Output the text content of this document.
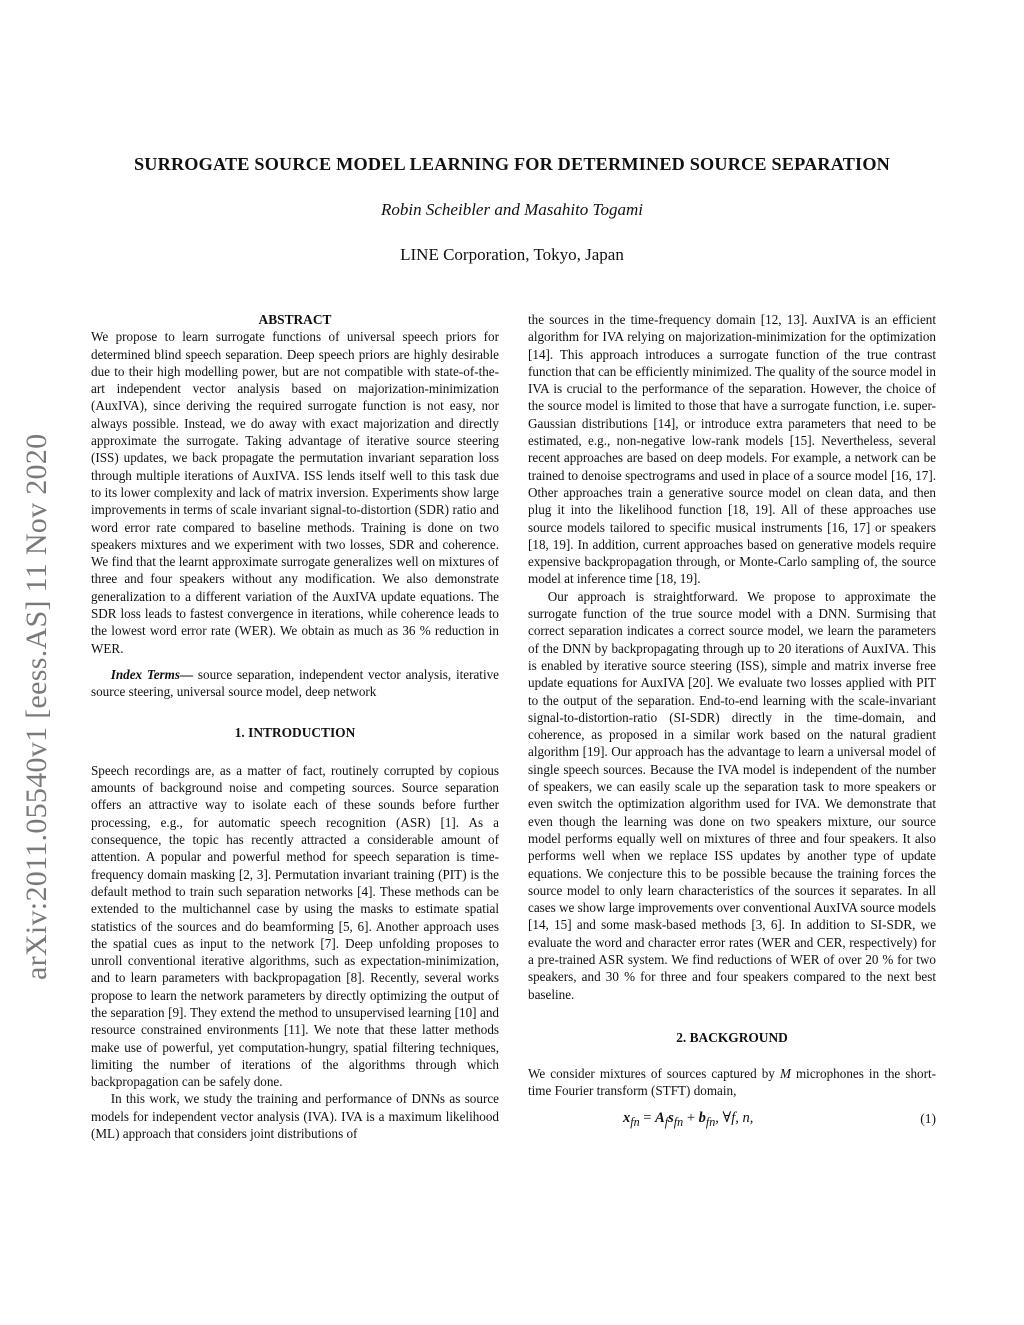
arXiv:2011.05540v1 [eess.AS] 11 Nov 2020
SURROGATE SOURCE MODEL LEARNING FOR DETERMINED SOURCE SEPARATION
Robin Scheibler and Masahito Togami
LINE Corporation, Tokyo, Japan
ABSTRACT

We propose to learn surrogate functions of universal speech priors for determined blind speech separation. Deep speech priors are highly desirable due to their high modelling power, but are not compatible with state-of-the-art independent vector analysis based on majorization-minimization (AuxIVA), since deriving the required surrogate function is not easy, nor always possible. Instead, we do away with exact majorization and directly approximate the surrogate. Taking advantage of iterative source steering (ISS) updates, we back propagate the permutation invariant separation loss through multiple iterations of AuxIVA. ISS lends itself well to this task due to its lower complexity and lack of matrix inversion. Experiments show large improvements in terms of scale invariant signal-to-distortion (SDR) ratio and word error rate compared to baseline methods. Training is done on two speakers mixtures and we experiment with two losses, SDR and coherence. We find that the learnt approximate surrogate generalizes well on mixtures of three and four speakers without any modification. We also demonstrate generalization to a different variation of the AuxIVA update equations. The SDR loss leads to fastest convergence in iterations, while coherence leads to the lowest word error rate (WER). We obtain as much as 36 % reduction in WER.

Index Terms— source separation, independent vector analysis, iterative source steering, universal source model, deep network

1. INTRODUCTION

Speech recordings are, as a matter of fact, routinely corrupted by copious amounts of background noise and competing sources. Source separation offers an attractive way to isolate each of these sounds before further processing, e.g., for automatic speech recognition (ASR) [1]. As a consequence, the topic has recently attracted a considerable amount of attention. A popular and powerful method for speech separation is time-frequency domain masking [2, 3]. Permutation invariant training (PIT) is the default method to train such separation networks [4]. These methods can be extended to the multichannel case by using the masks to estimate spatial statistics of the sources and do beamforming [5, 6]. Another approach uses the spatial cues as input to the network [7]. Deep unfolding proposes to unroll conventional iterative algorithms, such as expectation-minimization, and to learn parameters with backpropagation [8]. Recently, several works propose to learn the network parameters by directly optimizing the output of the separation [9]. They extend the method to unsupervised learning [10] and resource constrained environments [11]. We note that these latter methods make use of powerful, yet computation-hungry, spatial filtering techniques, limiting the number of iterations of the algorithms through which backpropagation can be safely done.

In this work, we study the training and performance of DNNs as source models for independent vector analysis (IVA). IVA is a maximum likelihood (ML) approach that considers joint distributions of

the sources in the time-frequency domain [12, 13]. AuxIVA is an efficient algorithm for IVA relying on majorization-minimization for the optimization [14]. This approach introduces a surrogate function of the true contrast function that can be efficiently minimized. The quality of the source model in IVA is crucial to the performance of the separation. However, the choice of the source model is limited to those that have a surrogate function, i.e. super-Gaussian distributions [14], or introduce extra parameters that need to be estimated, e.g., non-negative low-rank models [15]. Nevertheless, several recent approaches are based on deep models. For example, a network can be trained to denoise spectrograms and used in place of a source model [16, 17]. Other approaches train a generative source model on clean data, and then plug it into the likelihood function [18, 19]. All of these approaches use source models tailored to specific musical instruments [16, 17] or speakers [18, 19]. In addition, current approaches based on generative models require expensive backpropagation through, or Monte-Carlo sampling of, the source model at inference time [18, 19].

Our approach is straightforward. We propose to approximate the surrogate function of the true source model with a DNN. Surmising that correct separation indicates a correct source model, we learn the parameters of the DNN by backpropagating through up to 20 iterations of AuxIVA. This is enabled by iterative source steering (ISS), simple and matrix inverse free update equations for AuxIVA [20]. We evaluate two losses applied with PIT to the output of the separation. End-to-end learning with the scale-invariant signal-to-distortion-ratio (SI-SDR) directly in the time-domain, and coherence, as proposed in a similar work based on the natural gradient algorithm [19]. Our approach has the advantage to learn a universal model of single speech sources. Because the IVA model is independent of the number of speakers, we can easily scale up the separation task to more speakers or even switch the optimization algorithm used for IVA. We demonstrate that even though the learning was done on two speakers mixture, our source model performs equally well on mixtures of three and four speakers. It also performs well when we replace ISS updates by another type of update equations. We conjecture this to be possible because the training forces the source model to only learn characteristics of the sources it separates. In all cases we show large improvements over conventional AuxIVA source models [14, 15] and some mask-based methods [3, 6]. In addition to SI-SDR, we evaluate the word and character error rates (WER and CER, respectively) for a pre-trained ASR system. We find reductions of WER of over 20 % for two speakers, and 30 % for three and four speakers compared to the next best baseline.

2. BACKGROUND

We consider mixtures of sources captured by M microphones in the short-time Fourier transform (STFT) domain,

$x_{fn} = A_fs_{fn} + b_{fn}$, ∀f, n,	(1)
